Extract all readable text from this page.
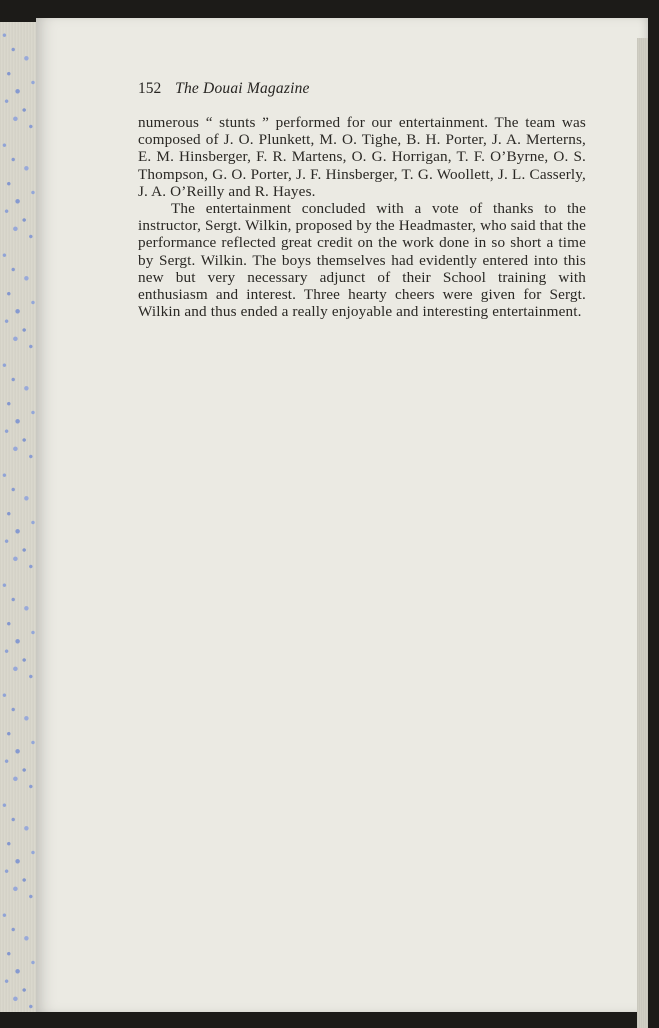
152 The Douai Magazine

numerous “ stunts ” performed for our entertainment. The team was composed of J. O. Plunkett, M. O. Tighe, B. H. Porter, J. A. Merterns, E. M. Hinsberger, F. R. Martens, O. G. Horrigan, T. F. O’Byrne, O. S. Thompson, G. O. Porter, J. F. Hinsberger, T. G. Woollett, J. L. Casserly, J. A. O’Reilly and R. Hayes.

The entertainment concluded with a vote of thanks to the instructor, Sergt. Wilkin, proposed by the Headmaster, who said that the performance reflected great credit on the work done in so short a time by Sergt. Wilkin. The boys themselves had evidently entered into this new but very necessary adjunct of their School training with enthusiasm and interest. Three hearty cheers were given for Sergt. Wilkin and thus ended a really enjoyable and interesting entertainment.
